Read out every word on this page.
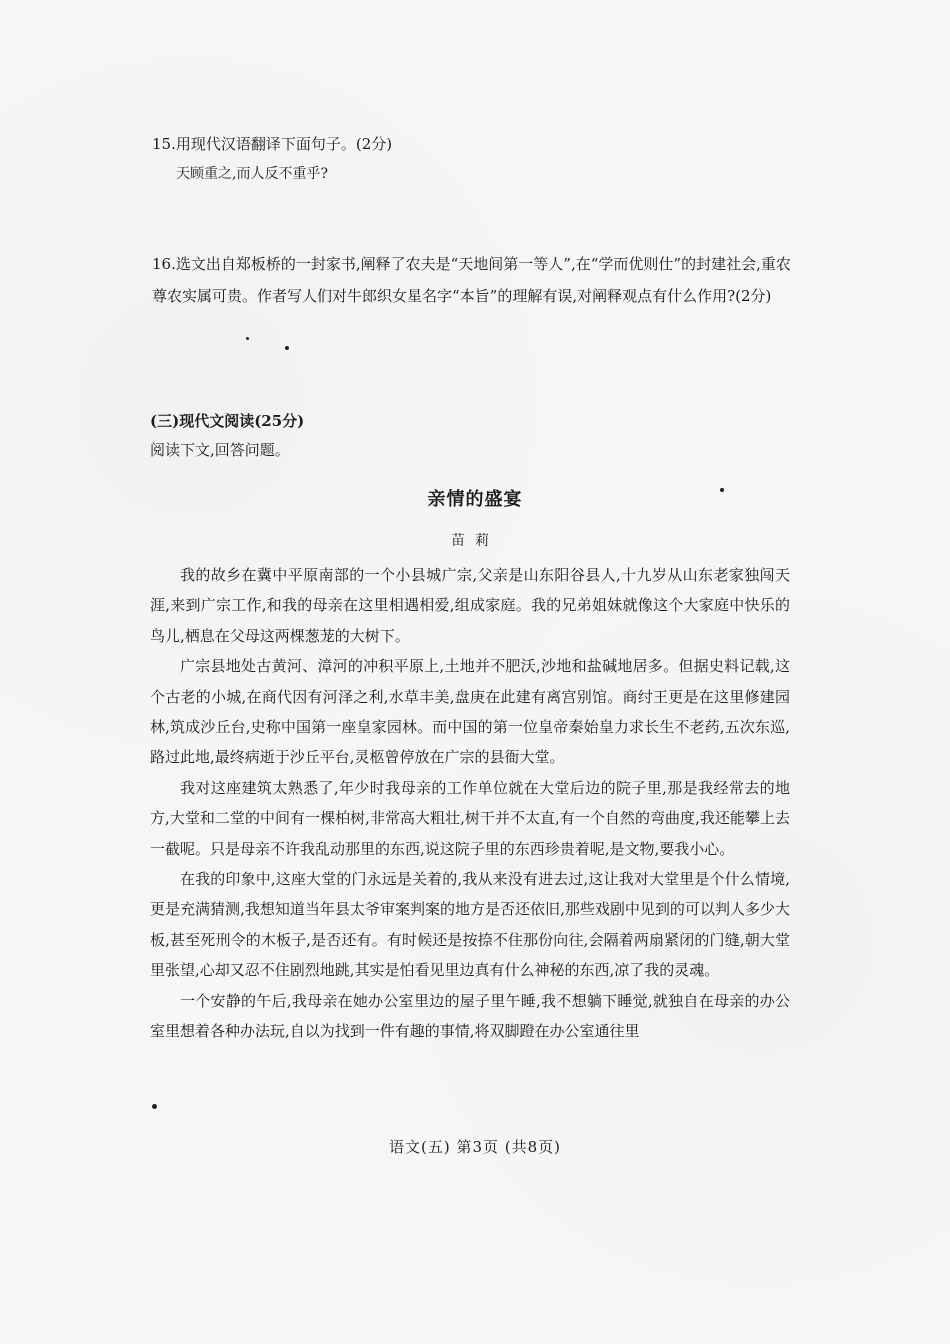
15.用现代汉语翻译下面句子。(2分)
天顾重之,而人反不重乎?
16.选文出自郑板桥的一封家书,阐释了农夫是“天地间第一等人”,在“学而优则仕”的封建社会,重农尊农实属可贵。作者写人们对牛郎织女星名字“本旨”的理解有误,对阐释观点有什么作用?(2分)
(三)现代文阅读(25分)
阅读下文,回答问题。
亲情的盛宴
苗莉

我的故乡在冀中平原南部的一个小县城广宗,父亲是山东阳谷县人,十九岁从山东老家独闯天涯,来到广宗工作,和我的母亲在这里相遇相爱,组成家庭。我的兄弟姐妹就像这个大家庭中快乐的鸟儿,栖息在父母这两棵葱茏的大树下。

广宗县地处古黄河、漳河的冲积平原上,土地并不肥沃,沙地和盐碱地居多。但据史料记载,这个古老的小城,在商代因有河泽之利,水草丰美,盘庚在此建有离宫别馆。商纣王更是在这里修建园林,筑成沙丘台,史称中国第一座皇家园林。而中国的第一位皇帝秦始皇力求长生不老药,五次东巡,路过此地,最终病逝于沙丘平台,灵柩曾停放在广宗的县衙大堂。

我对这座建筑太熟悉了,年少时我母亲的工作单位就在大堂后边的院子里,那是我经常去的地方,大堂和二堂的中间有一棵柏树,非常高大粗壮,树干并不太直,有一个自然的弯曲度,我还能攀上去一截呢。只是母亲不许我乱动那里的东西,说这院子里的东西珍贵着呢,是文物,要我小心。

在我的印象中,这座大堂的门永远是关着的,我从来没有进去过,这让我对大堂里是个什么情境,更是充满猜测,我想知道当年县太爷审案判案的地方是否还依旧,那些戏剧中见到的可以判人多少大板,甚至死刑令的木板子,是否还有。有时候还是按捺不住那份向往,会隔着两扇紧闭的门缝,朝大堂里张望,心却又忍不住剧烈地跳,其实是怕看见里边真有什么神秘的东西,凉了我的灵魂。

一个安静的午后,我母亲在她办公室里边的屋子里午睡,我不想躺下睡觉,就独自在母亲的办公室里想着各种办法玩,自以为找到一件有趣的事情,将双脚蹬在办公室通往里

语文(五) 第3页 (共8页)
